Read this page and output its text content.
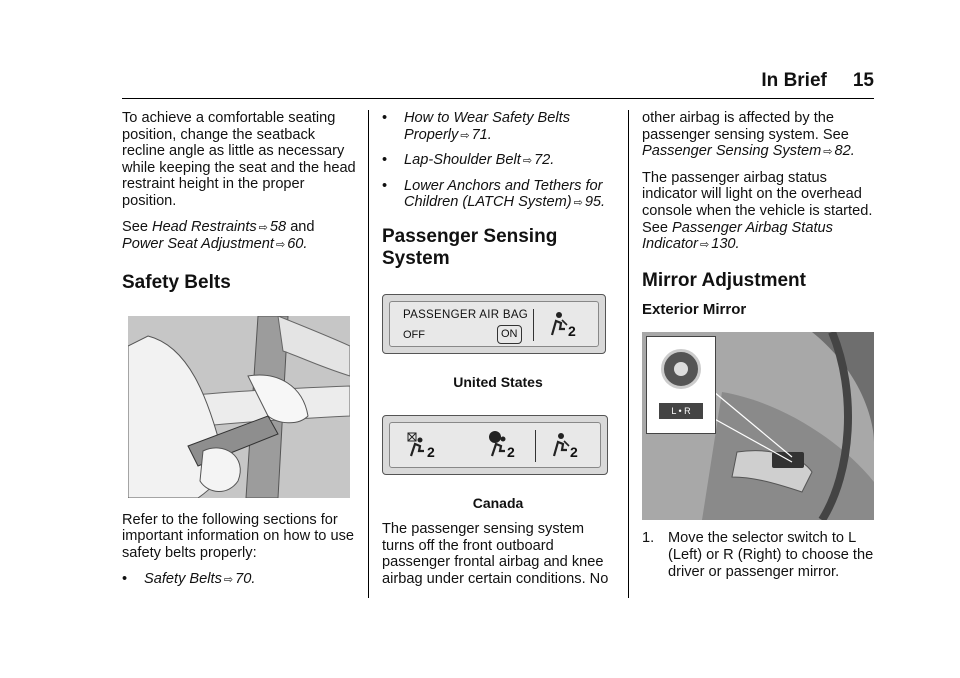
In Brief 15

To achieve a comfortable seating position, change the seatback recline angle as little as necessary while keeping the seat and the head restraint height in the proper position.

See Head Restraints ⇨ 58 and Power Seat Adjustment ⇨ 60.

Safety Belts

Refer to the following sections for important information on how to use safety belts properly:

• Safety Belts ⇨ 70.
• How to Wear Safety Belts Properly ⇨ 71.
• Lap-Shoulder Belt ⇨ 72.
• Lower Anchors and Tethers for Children (LATCH System) ⇨ 95.
Passenger Sensing System
PASSENGER AIR BAG
OFF	ON	2
United States
2	2	2
Canada

The passenger sensing system turns off the front outboard passenger frontal airbag and knee airbag under certain conditions. No

other airbag is affected by the passenger sensing system. See Passenger Sensing System ⇨ 82.

The passenger airbag status indicator will light on the overhead console when the vehicle is started. See Passenger Airbag Status Indicator ⇨ 130.

Mirror Adjustment
Exterior Mirror
L • R
1. Move the selector switch to L (Left) or R (Right) to choose the driver or passenger mirror.
